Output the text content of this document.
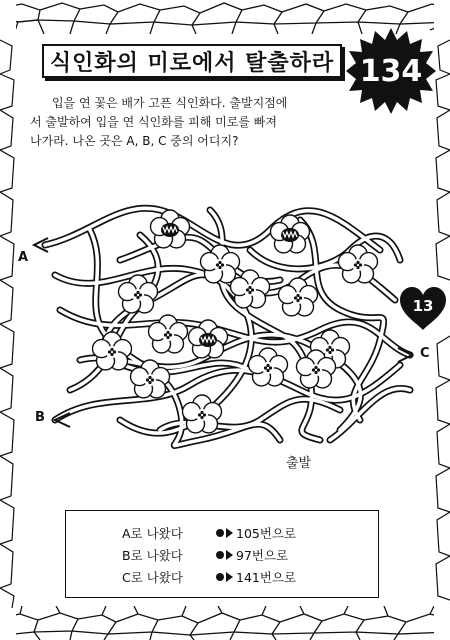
식인화의 미로에서 탈출하라 134

입을 연 꽃은 배가 고픈 식인화다. 출발지점에

서 출발하여 입을 연 식인화를 피해 미로를 빠져

나가라. 나온 곳은 A, B, C 중의 어디지?

A
B
C
출발
13
A로 나왔다	105번으로
B로 나왔다	97번으로
C로 나왔다	141번으로
